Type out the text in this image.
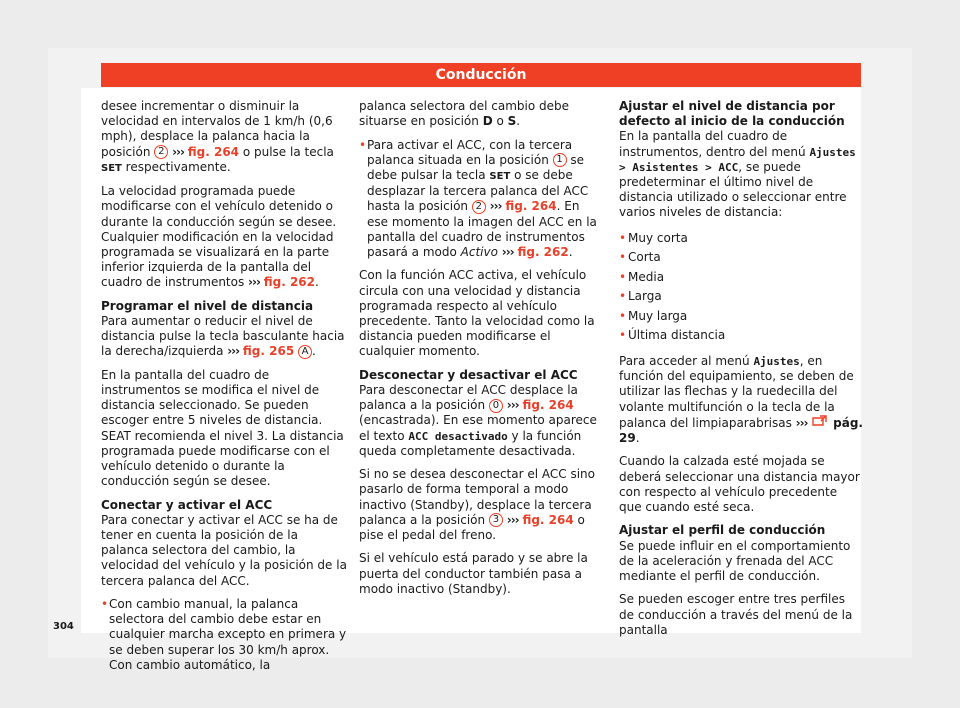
Conducción

desee incrementar o disminuir la velocidad en intervalos de 1 km/h (0,6 mph), desplace la palanca hacia la posición 2 ››› fig. 264 o pulse la tecla SET respectivamente.

La velocidad programada puede modificarse con el vehículo detenido o durante la conducción según se desee. Cualquier modificación en la velocidad programada se visualizará en la parte inferior izquierda de la pantalla del cuadro de instrumentos ››› fig. 262.

Programar el nivel de distancia

Para aumentar o reducir el nivel de distancia pulse la tecla basculante hacia la derecha/izquierda ››› fig. 265 A .

En la pantalla del cuadro de instrumentos se modifica el nivel de distancia seleccionado. Se pueden escoger entre 5 niveles de distancia. SEAT recomienda el nivel 3. La distancia programada puede modificarse con el vehículo detenido o durante la conducción según se desee.

Conectar y activar el ACC

Para conectar y activar el ACC se ha de tener en cuenta la posición de la palanca selectora del cambio, la velocidad del vehículo y la posición de la tercera palanca del ACC.

• Con cambio manual, la palanca selectora del cambio debe estar en cualquier marcha excepto en primera y se deben superar los 30 km/h aprox. Con cambio automático, la

palanca selectora del cambio debe situarse en posición D o S.

• Para activar el ACC, con la tercera palanca situada en la posición 1 se debe pulsar la tecla SET o se debe desplazar la tercera palanca del ACC hasta la posición 2 ››› fig. 264. En ese momento la imagen del ACC en la pantalla del cuadro de instrumentos pasará a modo Activo ››› fig. 262.

Con la función ACC activa, el vehículo circula con una velocidad y distancia programada respecto al vehículo precedente. Tanto la velocidad como la distancia pueden modificarse el cualquier momento.

Desconectar y desactivar el ACC

Para desconectar el ACC desplace la palanca a la posición 0 ››› fig. 264 (encastrada). En ese momento aparece el texto ACC desactivado y la función queda completamente desactivada.

Si no se desea desconectar el ACC sino pasarlo de forma temporal a modo inactivo (Standby), desplace la tercera palanca a la posición 3 ››› fig. 264 o pise el pedal del freno.

Si el vehículo está parado y se abre la puerta del conductor también pasa a modo inactivo (Standby).

Ajustar el nivel de distancia por defecto al inicio de la conducción

En la pantalla del cuadro de instrumentos, dentro del menú Ajustes > Asistentes > ACC, se puede predeterminar el último nivel de distancia utilizado o seleccionar entre varios niveles de distancia:

• Muy corta
• Corta
• Media
• Larga
• Muy larga
• Última distancia

Para acceder al menú Ajustes, en función del equipamiento, se deben de utilizar las flechas y la ruedecilla del volante multifunción o la tecla de la palanca del limpiaparabrisas ››› pág. 29.

Cuando la calzada esté mojada se deberá seleccionar una distancia mayor con respecto al vehículo precedente que cuando esté seca.

Ajustar el perfil de conducción

Se puede influir en el comportamiento de la aceleración y frenada del ACC mediante el perfil de conducción.

Se pueden escoger entre tres perfiles de conducción a través del menú de la pantalla

304
